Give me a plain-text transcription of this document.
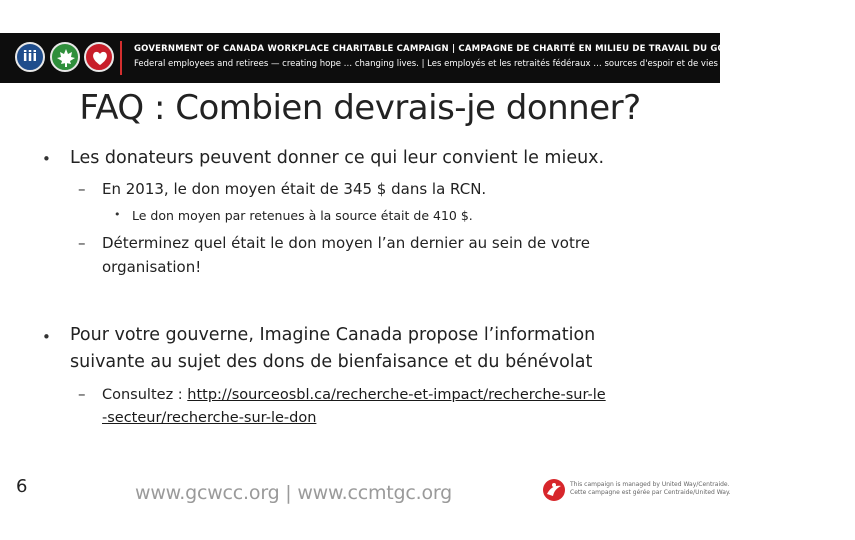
iii	GOVERNMENT OF CANADA WORKPLACE CHARITABLE CAMPAIGN | CAMPAGNE DE CHARITÉ EN MILIEU DE TRAVAIL DU GOUVERNEMENT DU CANADA
Federal employees and retirees — creating hope … changing lives. | Les employés et les retraités fédéraux … sources d'espoir et de vies nouvelles.
FAQ : Combien devrais-je donner?
• Les donateurs peuvent donner ce qui leur convient le mieux.
– En 2013, le don moyen était de 345 $ dans la RCN.
• Le don moyen par retenues à la source était de 410 $.
– Déterminez quel était le don moyen l’an dernier au sein de votre
organisation!
• Pour votre gouverne, Imagine Canada propose l’information
suivante au sujet des dons de bienfaisance et du bénévolat
– Consultez : http://sourceosbl.ca/recherche-et-impact/recherche-sur-le
-secteur/recherche-sur-le-don
6	www.gcwcc.org | www.ccmtgc.org	This campaign is managed by United Way/Centraide.
Cette campagne est gérée par Centraide/United Way.
